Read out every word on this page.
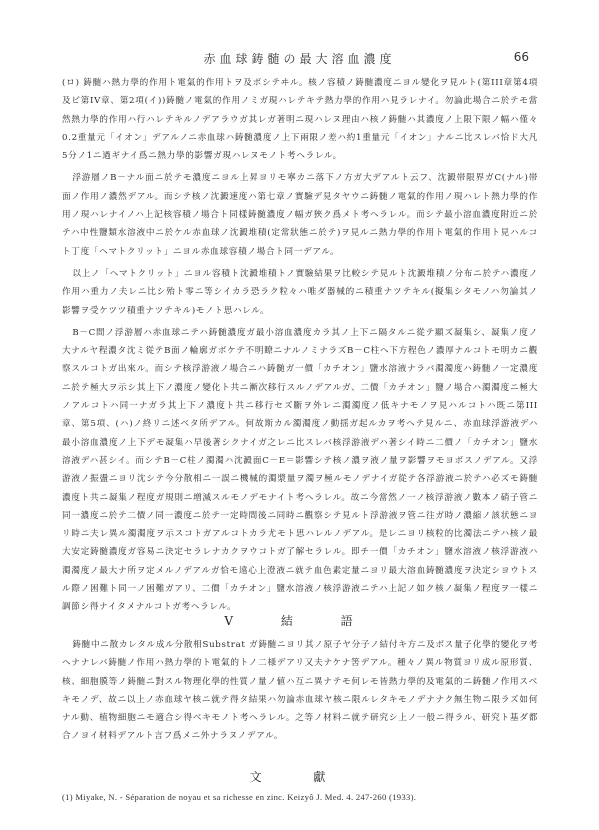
赤血球鋳髄の最大溶血濃度	66

(ロ) 鋳髄ハ熱力學的作用ト電氣的作用トヲ及ボシテヰル。核ノ容積ノ鋳髄濃度ニヨル變化ヲ見ルト(第III章第4項及ビ第IV章、第2項(イ))鋳髄ノ電氣的作用ノミガ現ハレテキテ熱力學的作用ハ見ラレナイ。勿論此場合ニ於テモ當然熱力學的作用ハ行ハレテキルノデアラウガ其レガ著明ニ現ハレヌ理由ハ核ノ鋳髄ハ其濃度ノ上限下限ノ幅ハ僅々0.2重量元「イオン」デアルノニ赤血球ハ鋳髄濃度ノ上下兩限ノ差ハ約1重量元「イオン」ナルニ比スレバ恰ド大凡5分ノ1ニ過ギナイ爲ニ熱力學的影響ガ現ハレヌモノト考ヘラレル。

浮游層ノB－ナル面ニ於テモ濃度ニヨル上昇ヨリモ寧カニ落下ノ方ガ大デアルト云フ、沈澱帯限界ガC(ナル)帯面ノ作用ノ濃然デアル。而シテ核ノ沈澱速度ハ第七章ノ實驗デ見タヤウニ鋳髄ノ電氣的作用ノ現ハレト熱力學的作用ノ現ハレナイノハ上記核容積ノ場合ト同樣鋳髄濃度ノ幅ガ狹ク爲メト考ヘラレル。而シテ最小溶血濃度附近ニ於テハ中性鹽類水溶液中ニ於ケル赤血球ノ沈澱堆積(定常狀態ニ於テ)ヲ見ルニ熱力學的作用ト電氣的作用ト見ハルコト丁度「ヘマトクリット」ニヨル赤血球容積ノ場合ト同一デアル。

以上ノ「ヘマトクリット」ニヨル容積ト沈澱堆積トノ實驗結果ヲ比較シテ見ルト沈澱堆積ノ分布ニ於テハ濃度ノ作用ハ重力ノ夫レニ比シ殆ト零ニ等シイカラ恐ラク粒々ハ唯ダ器械的ニ積重ナツテキル(擬集シタモノハ勿論其ノ影響ヲ受ケツツ積重ナツテキル)モノト思ハレル。

B－C間ノ浮游層ハ赤血球ニテハ鋳髄濃度ガ最小溶血濃度カラ其ノ上下ニ隔タルニ從テ顯ズ凝集シ、凝集ノ度ノ大ナルヤ程濃タ沈ミ從テB面ノ輪廓ガボケテ不明瞭ニナルノミナラズB－C柱ヘ下方程色ノ濃厚ナルコトモ明カニ觀察スルコトガ出來ル。而シテ核浮游液ノ場合ニハ鋳髄ガ一價「カチオン」鹽水溶液ナラバ濁濁度ハ鋳髄ノ一定濃度ニ於テ極大ヲ示シ其上下ノ濃度ノ變化ト共ニ漸次移行スルノデアルガ、二價「カチオン」鹽ノ場合ハ濁濁度ニ極大ノアルコトハ同一ナガラ其上下ノ濃度ト共ニ移行セズ斷ヲ外レニ濁濁度ノ低キナモノヲ見ハルコトハ既ニ第III章、第5項、(ハ)ノ終リニ述ベタ所デアル。何故斯カル濁濁度ノ動揺ガ起ルカヲ考ヘテ見ルニ、赤血球浮游液デハ最小溶血濃度ノ上下デモ凝集ハ早後著シクナイガ之レニ比スレバ核浮游液デハ著シイ時ニ二價ノ「カチオン」鹽水溶液デハ甚シイ。而シテB－C柱ノ濁濁ハ沈澱面C－E＝影響シテ核ノ濃ヲ液ノ量ヲ影響ヲモヨボスノデアル。又浮游液ノ振盪ニヨリ沈シテ今分散相ニ一誤ニ機械的濁漿量ヲ濁ヲ極ルモノデナイガ從テ各浮游液ニ於テハ必ズモ鋳髄濃度ト共ニ凝集ノ程度ガ規則ニ増減スルモノデモナイト考ヘラレル。故ニ今當然ノ一ノ核浮游液ノ數本ノ硝子管ニ同一濃度ニ於テ二價ノ同一濃度ニ於テ一定時間後ニ同時ニ觀察シテ見ルト浮游液ヲ管ニ往ガ時ノ濃縮ノ該状態ニヨリ時ニ夫レ異ル濁濁度ヲ示スコトガアルコトカラ尤モト思ハレルノデアル。是レニヨリ核粒的比濁法ニテハ核ノ最大安定鋳髄濃度ガ容易ニ決定セラレナカクヲウコトガ了解セラレル。即チ一價「カチオン」鹽水溶液ノ核浮游液ハ濁濁度ノ最大ナ所ヲ定メルノデアルガ恰モ遠心上澄液ニ就テ血色素定量ニヨリ最大溶血鋳髄濃度ヲ決定シヨウトスル際ノ困難ト同一ノ困難ガアリ、二價「カチオン」鹽水溶液ノ核浮游液ニテハ上記ノ如ク核ノ凝集ノ程度ヲ一樣ニ調節シ得ナイタメナルコトガ考ヘラレル。

V 結 語

鋳髄中ニ散カレタル成ル分散相Substrat ガ鋳髄ニヨリ其ノ原子ヤ分子ノ結付キ方ニ及ボス量子化學的變化ヲ考ヘナナレバ鋳髄ノ作用ハ熱力學的ト電氣的トノ二様デアリ又夫ナケナ筈デアル。種々ノ異ル物質ヨリ成ル原形質、核、細胞膜等ノ鋳髄ニ對スル物理化學的性質ノ量ノ値ハ互ニ異ナテモ何レモ皆熱力學的及電氣的ニ鋳髄ノ作用スベキモノデ、故ニ以上ノ赤血球ヤ核ニ就テ得タ結果ハ勿論赤血球ヤ核ニ限ルレタキモノデナナク無生物ニ限ラズ如何ナル動、植物細胞ニモ適合シ得ベキモノト考ヘラレル。之等ノ材料ニ就テ研究シ上ノ一般ニ得ラル、研究ト基ダ都合ノヨイ材料デアルト言フ爲メニ外ナラヌノデアル。

文 獻
(1) Miyake, N. - Séparation de noyau et sa richesse en zinc. Keizyô J. Med. 4. 247-260 (1933).
